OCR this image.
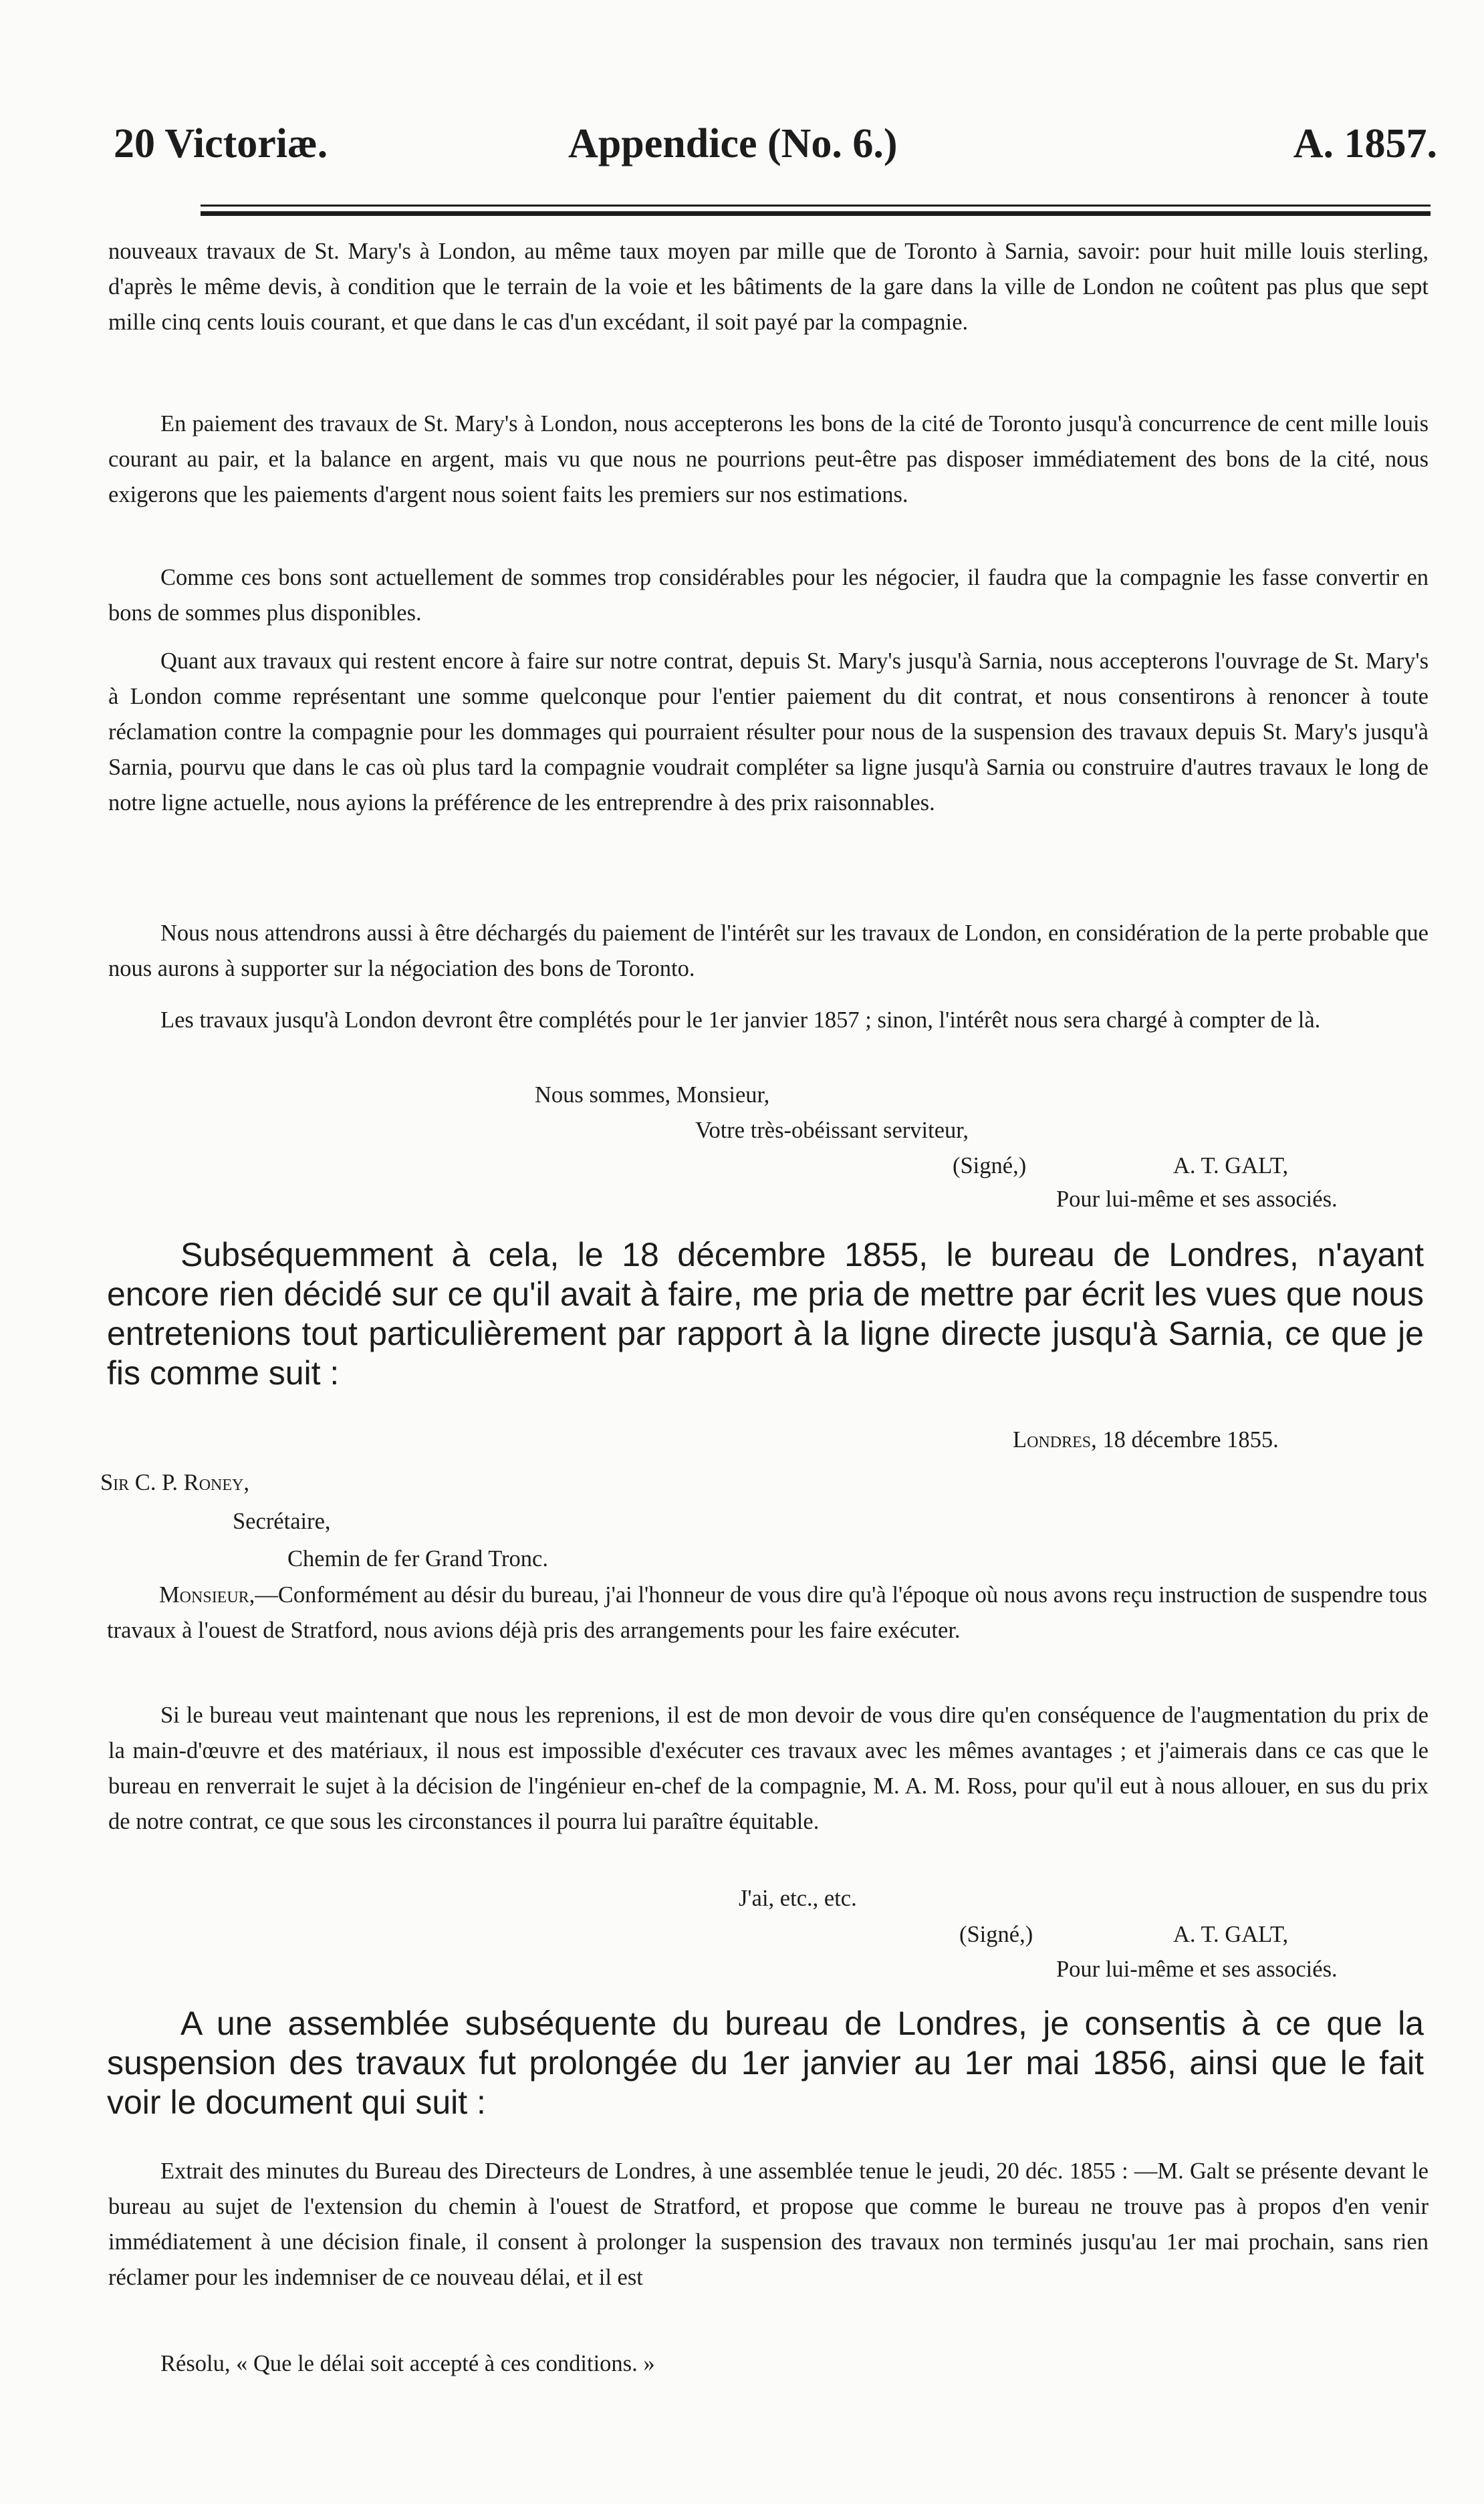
20 Victoriæ.	Appendice (No. 6.)	A. 1857.

nouveaux travaux de St. Mary's à London, au même taux moyen par mille que de Toronto à Sarnia, savoir: pour huit mille louis sterling, d'après le même devis, à condition que le terrain de la voie et les bâtiments de la gare dans la ville de London ne coûtent pas plus que sept mille cinq cents louis courant, et que dans le cas d'un excédant, il soit payé par la compagnie.

En paiement des travaux de St. Mary's à London, nous accepterons les bons de la cité de Toronto jusqu'à concurrence de cent mille louis courant au pair, et la balance en argent, mais vu que nous ne pourrions peut-être pas disposer immédiatement des bons de la cité, nous exigerons que les paiements d'argent nous soient faits les premiers sur nos estimations.

Comme ces bons sont actuellement de sommes trop considérables pour les négocier, il faudra que la compagnie les fasse convertir en bons de sommes plus disponibles.

Quant aux travaux qui restent encore à faire sur notre contrat, depuis St. Mary's jusqu'à Sarnia, nous accepterons l'ouvrage de St. Mary's à London comme représentant une somme quelconque pour l'entier paiement du dit contrat, et nous consentirons à renoncer à toute réclamation contre la compagnie pour les dommages qui pourraient résulter pour nous de la suspension des travaux depuis St. Mary's jusqu'à Sarnia, pourvu que dans le cas où plus tard la compagnie voudrait compléter sa ligne jusqu'à Sarnia ou construire d'autres travaux le long de notre ligne actuelle, nous ayions la préférence de les entreprendre à des prix raisonnables.

Nous nous attendrons aussi à être déchargés du paiement de l'intérêt sur les travaux de London, en considération de la perte probable que nous aurons à supporter sur la négociation des bons de Toronto.

Les travaux jusqu'à London devront être complétés pour le 1er janvier 1857 ; sinon, l'intérêt nous sera chargé à compter de là.

Nous sommes, Monsieur,
Votre très-obéissant serviteur,
(Signé,)	A. T. GALT,
Pour lui-même et ses associés.

Subséquemment à cela, le 18 décembre 1855, le bureau de Londres, n'ayant encore rien décidé sur ce qu'il avait à faire, me pria de mettre par écrit les vues que nous entretenions tout particulièrement par rapport à la ligne directe jusqu'à Sarnia, ce que je fis comme suit :

Londres, 18 décembre 1855.
Sir C. P. Roney,
Secrétaire,
Chemin de fer Grand Tronc.

Monsieur,—Conformément au désir du bureau, j'ai l'honneur de vous dire qu'à l'époque où nous avons reçu instruction de suspendre tous travaux à l'ouest de Stratford, nous avions déjà pris des arrangements pour les faire exécuter.

Si le bureau veut maintenant que nous les reprenions, il est de mon devoir de vous dire qu'en conséquence de l'augmentation du prix de la main-d'œuvre et des matériaux, il nous est impossible d'exécuter ces travaux avec les mêmes avantages ; et j'aimerais dans ce cas que le bureau en renverrait le sujet à la décision de l'ingénieur en-chef de la compagnie, M. A. M. Ross, pour qu'il eut à nous allouer, en sus du prix de notre contrat, ce que sous les circonstances il pourra lui paraître équitable.

J'ai, etc., etc.
(Signé,)	A. T. GALT,
Pour lui-même et ses associés.

A une assemblée subséquente du bureau de Londres, je consentis à ce que la suspension des travaux fut prolongée du 1er janvier au 1er mai 1856, ainsi que le fait voir le document qui suit :

Extrait des minutes du Bureau des Directeurs de Londres, à une assemblée tenue le jeudi, 20 déc. 1855 : —M. Galt se présente devant le bureau au sujet de l'extension du chemin à l'ouest de Stratford, et propose que comme le bureau ne trouve pas à propos d'en venir immédiatement à une décision finale, il consent à prolonger la suspension des travaux non terminés jusqu'au 1er mai prochain, sans rien réclamer pour les indemniser de ce nouveau délai, et il est

Résolu, « Que le délai soit accepté à ces conditions. »
